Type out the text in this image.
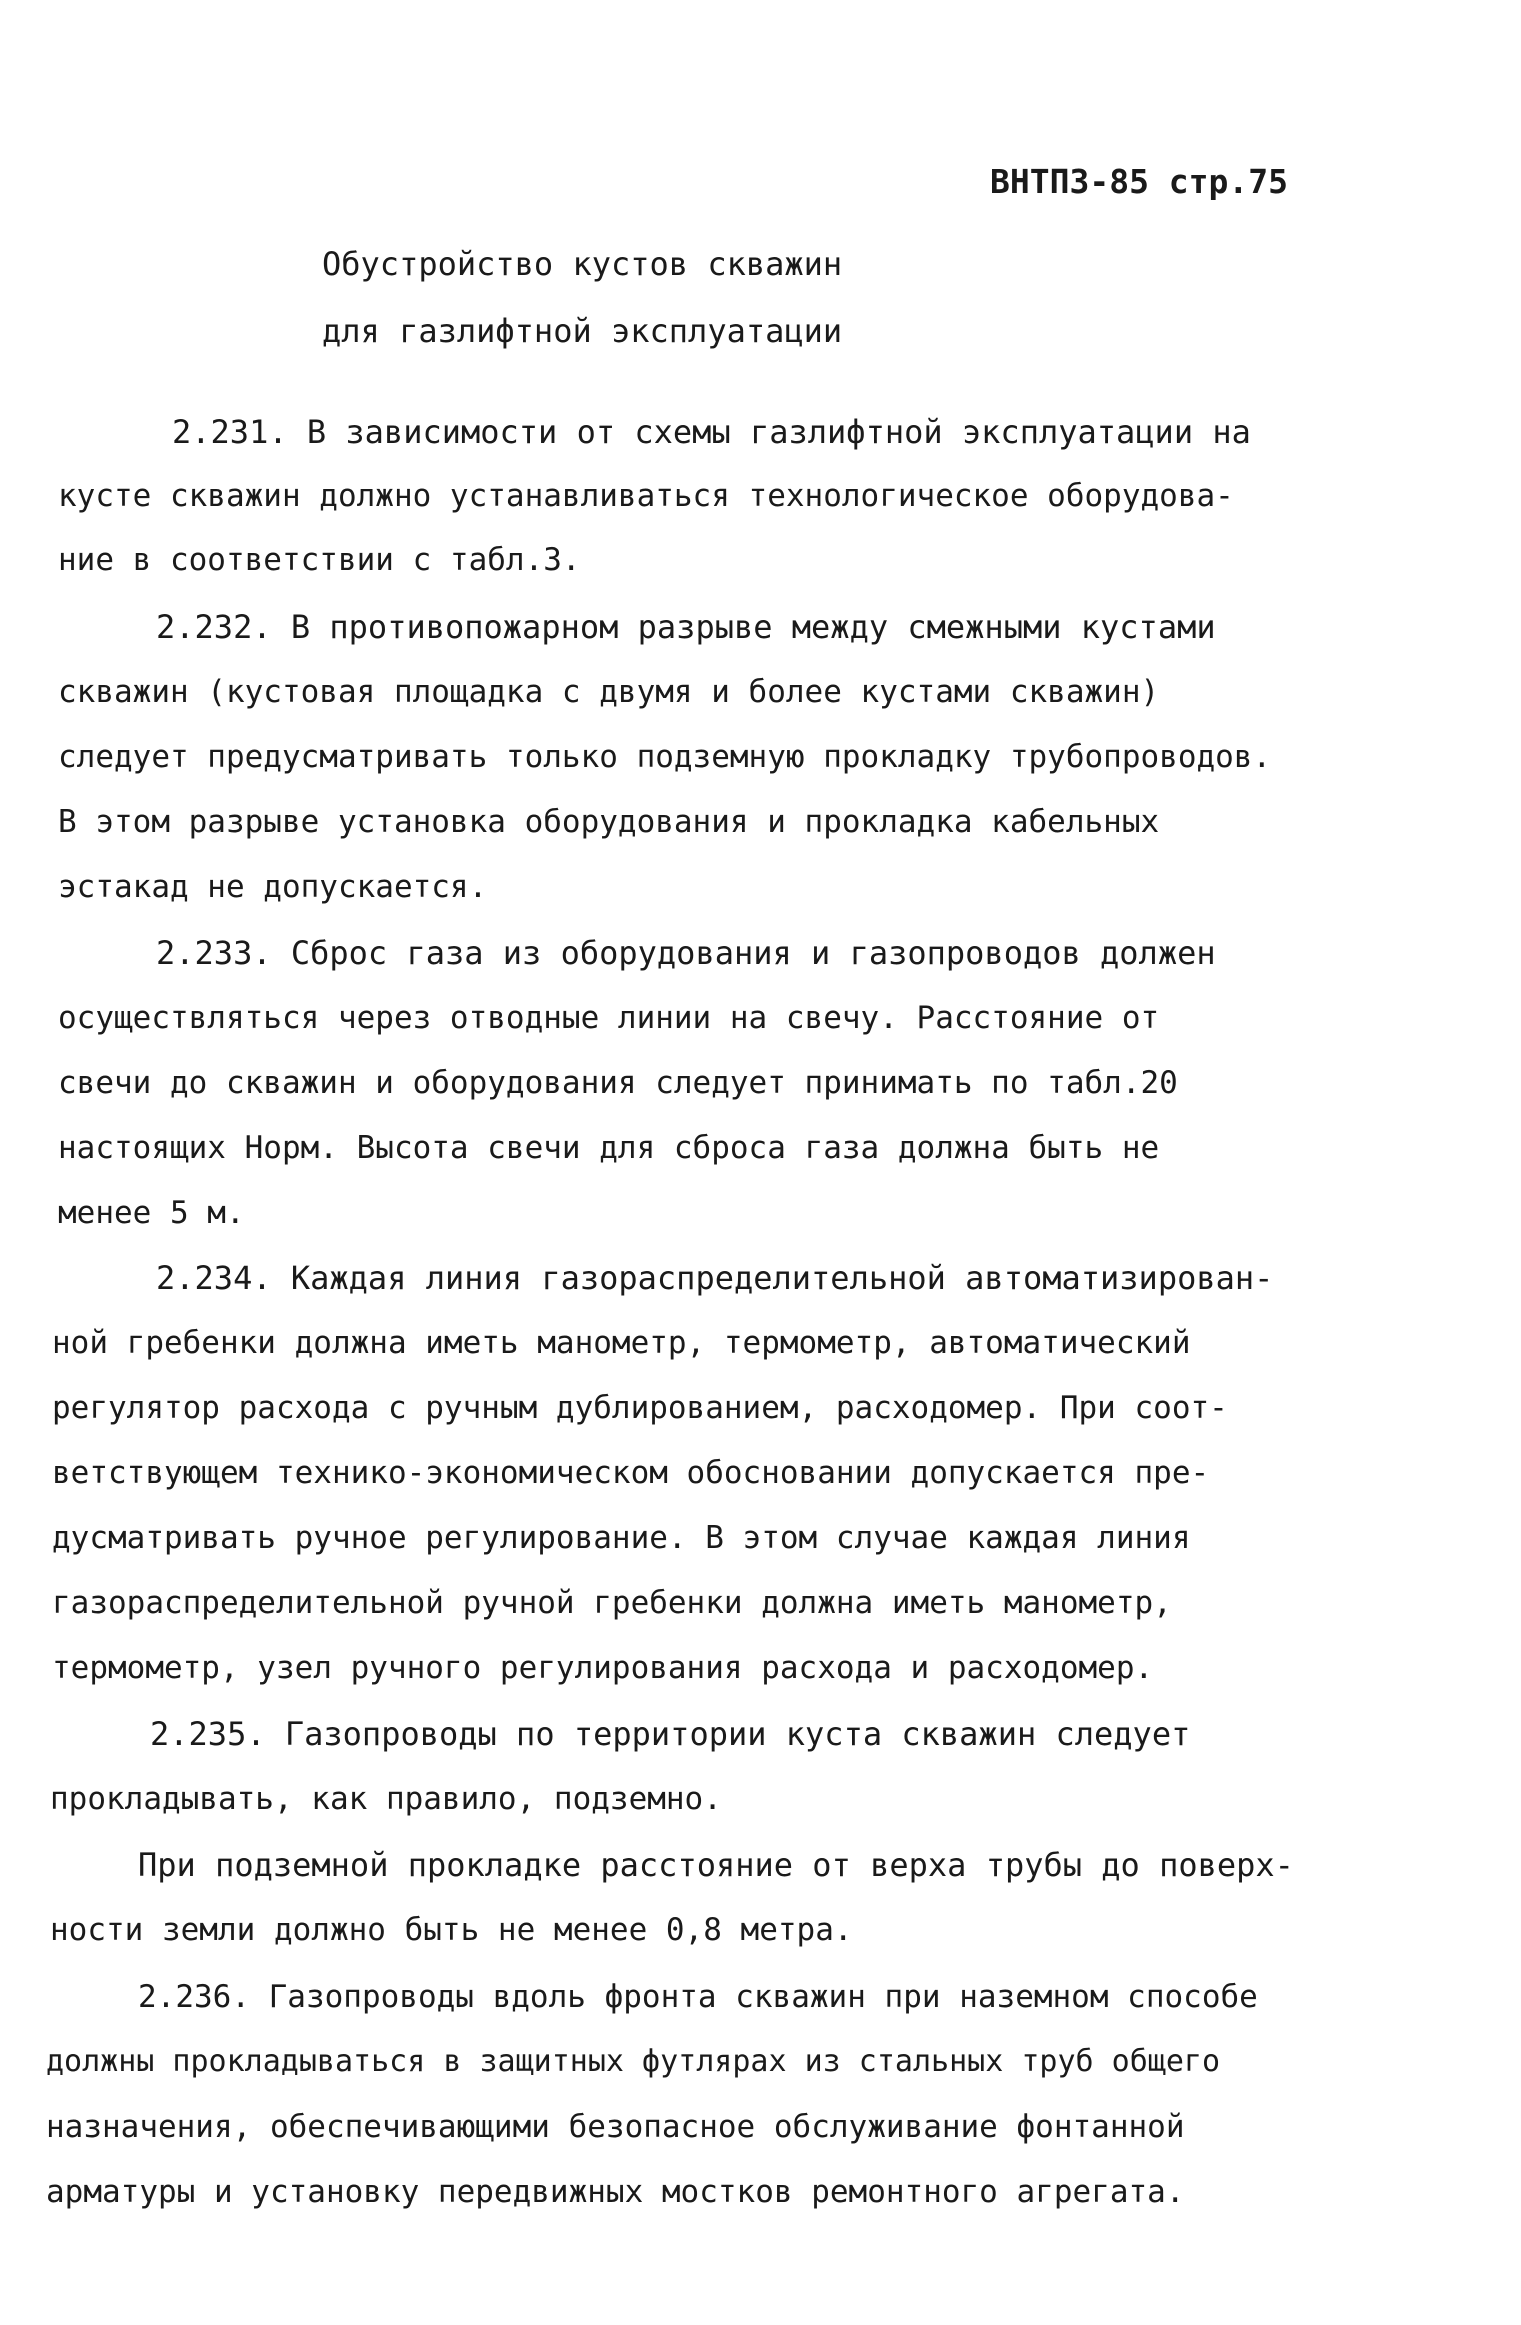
ВНТП3-85 стр.75
Обустройство кустов скважин
для газлифтной эксплуатации
2.231. В зависимости от схемы газлифтной эксплуатации на
кусте скважин должно устанавливаться технологическое оборудова-
ние в соответствии с табл.3.
2.232. В противопожарном разрыве между смежными кустами
скважин (кустовая площадка с двумя и более кустами скважин)
следует предусматривать только подземную прокладку трубопроводов.
В этом разрыве установка оборудования и прокладка кабельных
эстакад не допускается.
2.233. Сброс газа из оборудования и газопроводов должен
осуществляться через отводные линии на свечу. Расстояние от
свечи до скважин и оборудования следует принимать по табл.20
настоящих Норм. Высота свечи для сброса газа должна быть не
менее 5 м.
2.234. Каждая линия газораспределительной автоматизирован-
ной гребенки должна иметь манометр, термометр, автоматический
регулятор расхода с ручным дублированием, расходомер. При соот-
ветствующем технико-экономическом обосновании допускается пре-
дусматривать ручное регулирование. В этом случае каждая линия
газораспределительной ручной гребенки должна иметь манометр,
термометр, узел ручного регулирования расхода и расходомер.
2.235. Газопроводы по территории куста скважин следует
прокладывать, как правило, подземно.
При подземной прокладке расстояние от верха трубы до поверх-
ности земли должно быть не менее 0,8 метра.
2.236. Газопроводы вдоль фронта скважин при наземном способе
должны прокладываться в защитных футлярах из стальных труб общего
назначения, обеспечивающими безопасное обслуживание фонтанной
арматуры и установку передвижных мостков ремонтного агрегата.
